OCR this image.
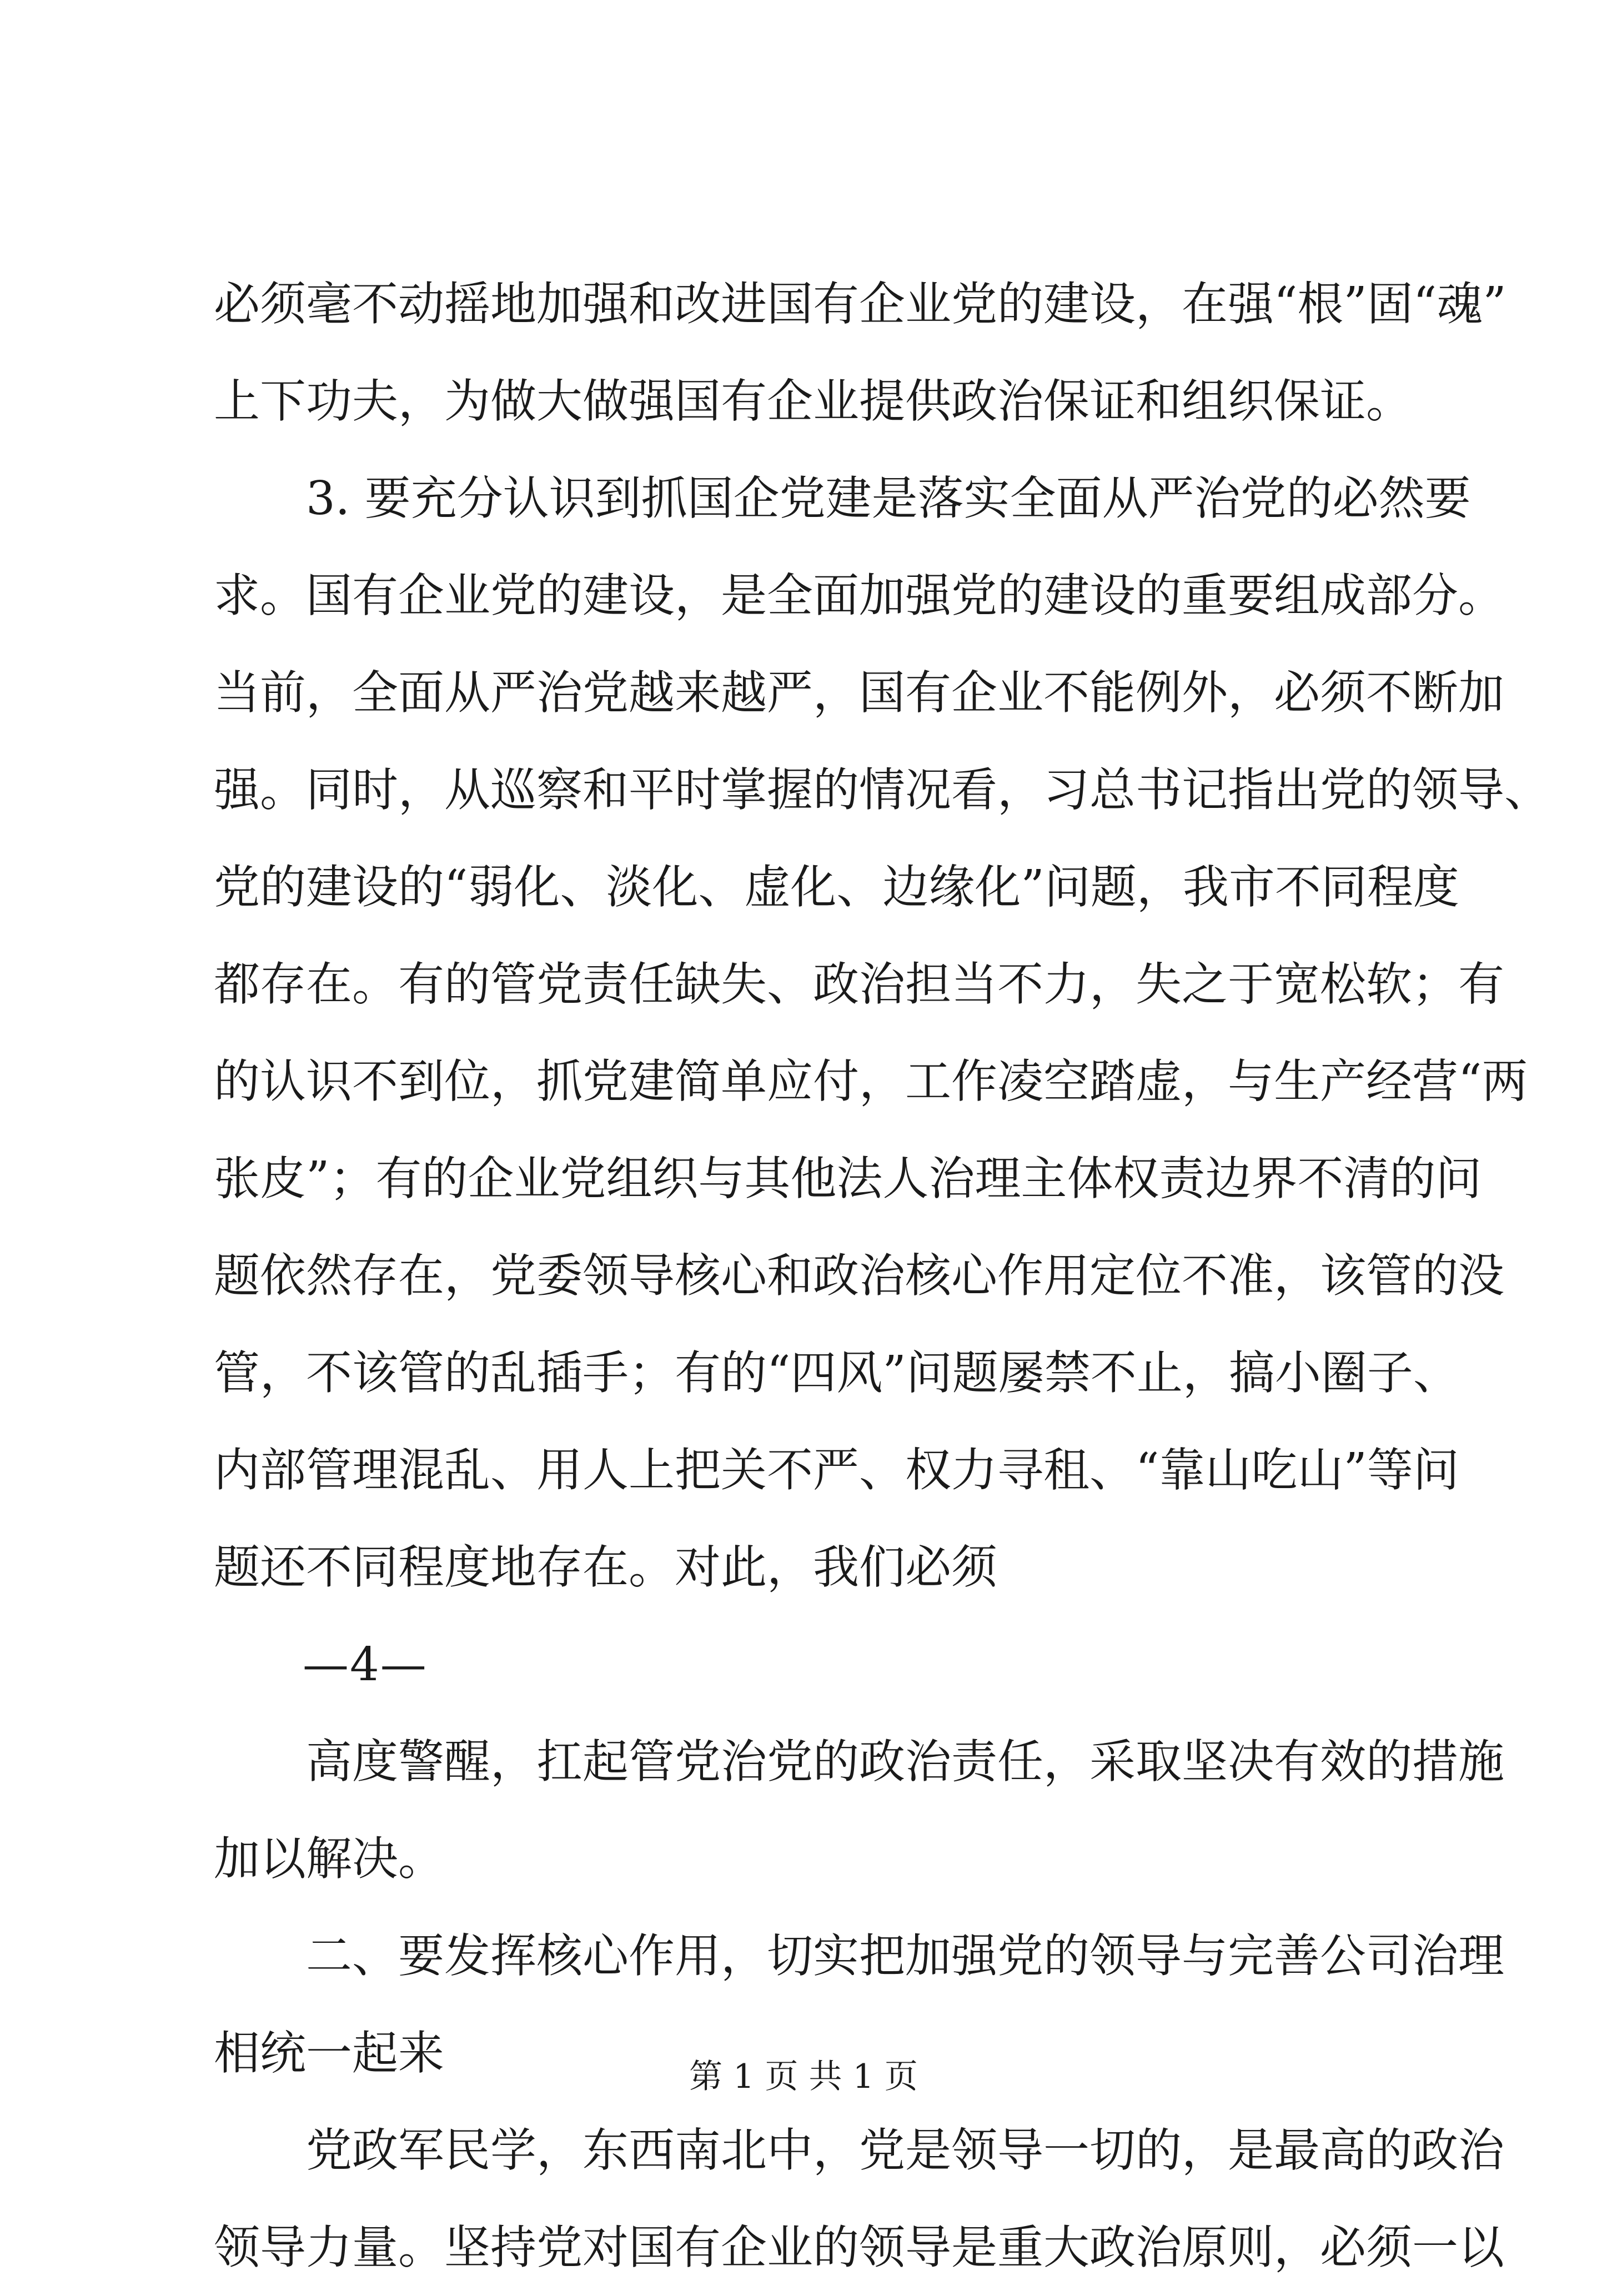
必须毫不动摇地加强和改进国有企业党的建设，在强“根”固“魂”
上下功夫，为做大做强国有企业提供政治保证和组织保证。
3. 要充分认识到抓国企党建是落实全面从严治党的必然要
求。国有企业党的建设，是全面加强党的建设的重要组成部分。
当前，全面从严治党越来越严，国有企业不能例外，必须不断加
强。同时，从巡察和平时掌握的情况看，习总书记指出党的领导、
党的建设的“弱化、淡化、虚化、边缘化”问题，我市不同程度
都存在。有的管党责任缺失、政治担当不力，失之于宽松软；有
的认识不到位，抓党建简单应付，工作凌空踏虚，与生产经营“两
张皮”；有的企业党组织与其他法人治理主体权责边界不清的问
题依然存在，党委领导核心和政治核心作用定位不准，该管的没
管，不该管的乱插手；有的“四风”问题屡禁不止，搞小圈子、
内部管理混乱、用人上把关不严、权力寻租、“靠山吃山”等问
题还不同程度地存在。对此，我们必须
—4—
高度警醒，扛起管党治党的政治责任，采取坚决有效的措施
加以解决。
二、要发挥核心作用，切实把加强党的领导与完善公司治理
相统一起来
党政军民学，东西南北中，党是领导一切的，是最高的政治
领导力量。坚持党对国有企业的领导是重大政治原则，必须一以
第 1 页 共 1 页
